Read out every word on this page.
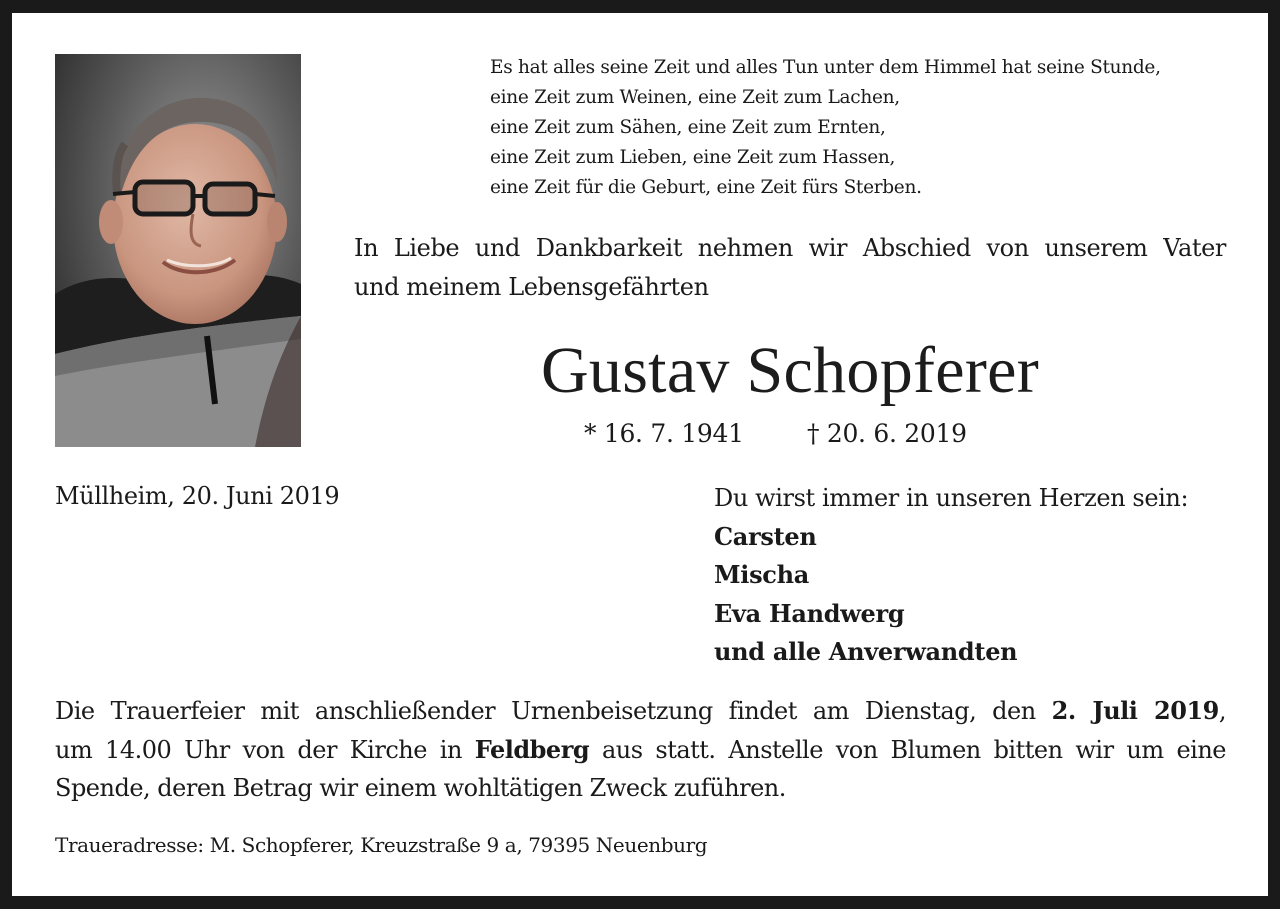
Es hat alles seine Zeit und alles Tun unter dem Himmel hat seine Stunde,
eine Zeit zum Weinen, eine Zeit zum Lachen,
eine Zeit zum Sähen, eine Zeit zum Ernten,
eine Zeit zum Lieben, eine Zeit zum Hassen,
eine Zeit für die Geburt, eine Zeit fürs Sterben.
In Liebe und Dankbarkeit nehmen wir Abschied von unserem Vater
und meinem Lebensgefährten
Gustav Schopferer
* 16. 7. 1941	† 20. 6. 2019
Müllheim, 20. Juni 2019	Du wirst immer in unseren Herzen sein:
Carsten
Mischa
Eva Handwerg
und alle Anverwandten
Die Trauerfeier mit anschließender Urnenbeisetzung findet am Dienstag, den 2. Juli 2019,
um 14.00 Uhr von der Kirche in Feldberg aus statt. Anstelle von Blumen bitten wir um eine
Spende, deren Betrag wir einem wohltätigen Zweck zuführen.
Traueradresse: M. Schopferer, Kreuzstraße 9 a, 79395 Neuenburg
